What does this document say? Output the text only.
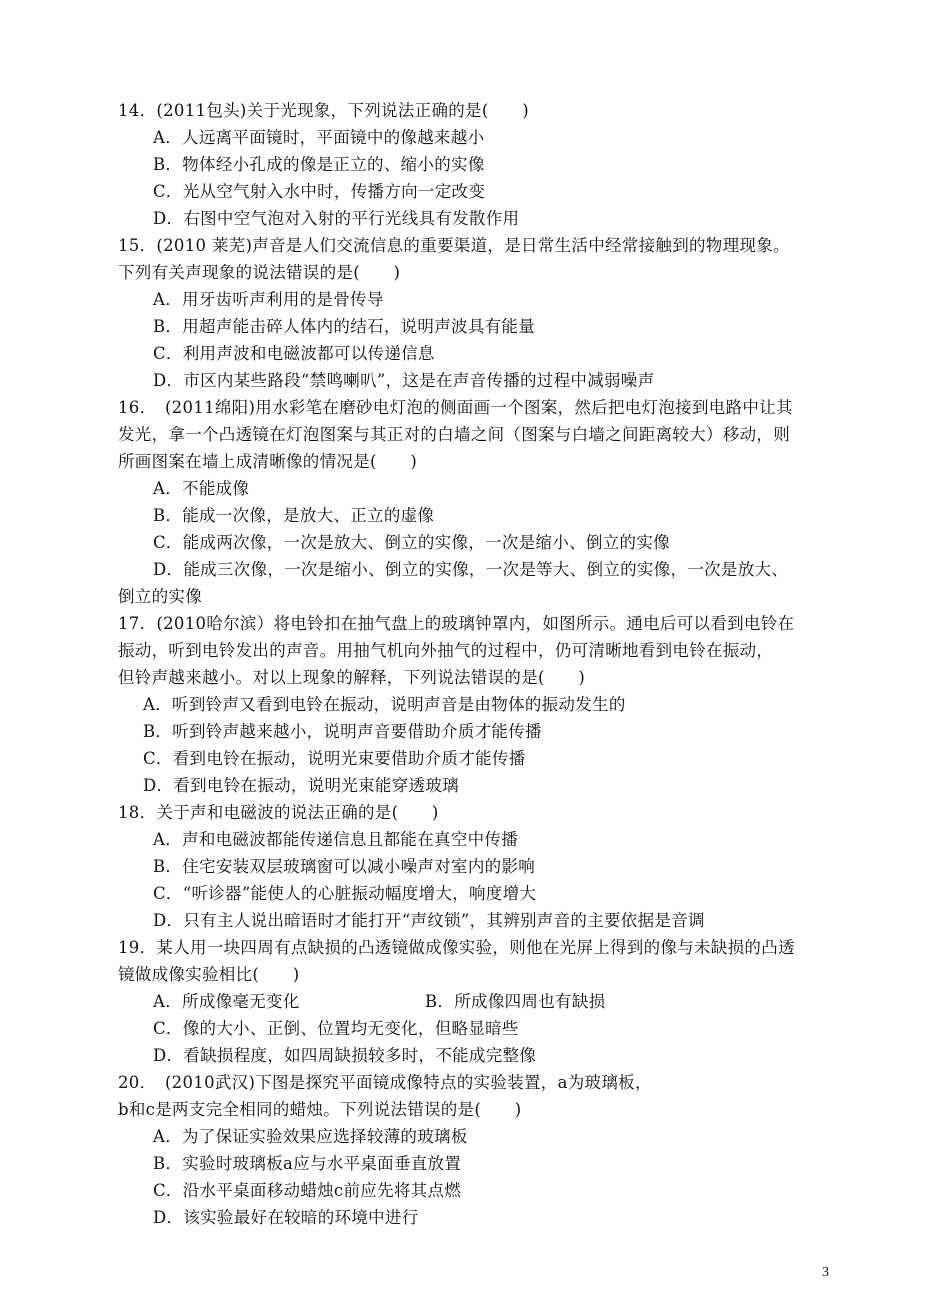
14．(2011包头)关于光现象，下列说法正确的是(　　)
A．人远离平面镜时，平面镜中的像越来越小
B．物体经小孔成的像是正立的、缩小的实像
C．光从空气射入水中时，传播方向一定改变
D．右图中空气泡对入射的平行光线具有发散作用
15．(2010 莱芜)声音是人们交流信息的重要渠道，是日常生活中经常接触到的物理现象。
下列有关声现象的说法错误的是(　　)
A．用牙齿听声利用的是骨传导
B．用超声能击碎人体内的结石，说明声波具有能量
C．利用声波和电磁波都可以传递信息
D．市区内某些路段“禁鸣喇叭”，这是在声音传播的过程中减弱噪声
16．　(2011绵阳)用水彩笔在磨砂电灯泡的侧面画一个图案，然后把电灯泡接到电路中让其
发光，拿一个凸透镜在灯泡图案与其正对的白墙之间（图案与白墙之间距离较大）移动，则
所画图案在墙上成清晰像的情况是(　　)
A．不能成像
B．能成一次像，是放大、正立的虚像
C．能成两次像，一次是放大、倒立的实像，一次是缩小、倒立的实像
D．能成三次像，一次是缩小、倒立的实像，一次是等大、倒立的实像，一次是放大、
倒立的实像
17．(2010哈尔滨）将电铃扣在抽气盘上的玻璃钟罩内，如图所示。通电后可以看到电铃在
振动，听到电铃发出的声音。用抽气机向外抽气的过程中，仍可清晰地看到电铃在振动，
但铃声越来越小。对以上现象的解释，下列说法错误的是(　　)
A．听到铃声又看到电铃在振动，说明声音是由物体的振动发生的
B．听到铃声越来越小，说明声音要借助介质才能传播
C．看到电铃在振动，说明光束要借助介质才能传播
D．看到电铃在振动，说明光束能穿透玻璃
18．关于声和电磁波的说法正确的是(　　)
A．声和电磁波都能传递信息且都能在真空中传播
B．住宅安装双层玻璃窗可以减小噪声对室内的影响
C．“听诊器”能使人的心脏振动幅度增大，响度增大
D．只有主人说出暗语时才能打开“声纹锁”，其辨别声音的主要依据是音调
19．某人用一块四周有点缺损的凸透镜做成像实验，则他在光屏上得到的像与未缺损的凸透
镜做成像实验相比(　　)
A．所成像毫无变化	B．所成像四周也有缺损
C．像的大小、正倒、位置均无变化，但略显暗些
D．看缺损程度，如四周缺损较多时，不能成完整像
20．　(2010武汉)下图是探究平面镜成像特点的实验装置，a为玻璃板，
b和c是两支完全相同的蜡烛。下列说法错误的是(　　)
A．为了保证实验效果应选择较薄的玻璃板
B．实验时玻璃板a应与水平桌面垂直放置
C．沿水平桌面移动蜡烛c前应先将其点燃
D．该实验最好在较暗的环境中进行
3
